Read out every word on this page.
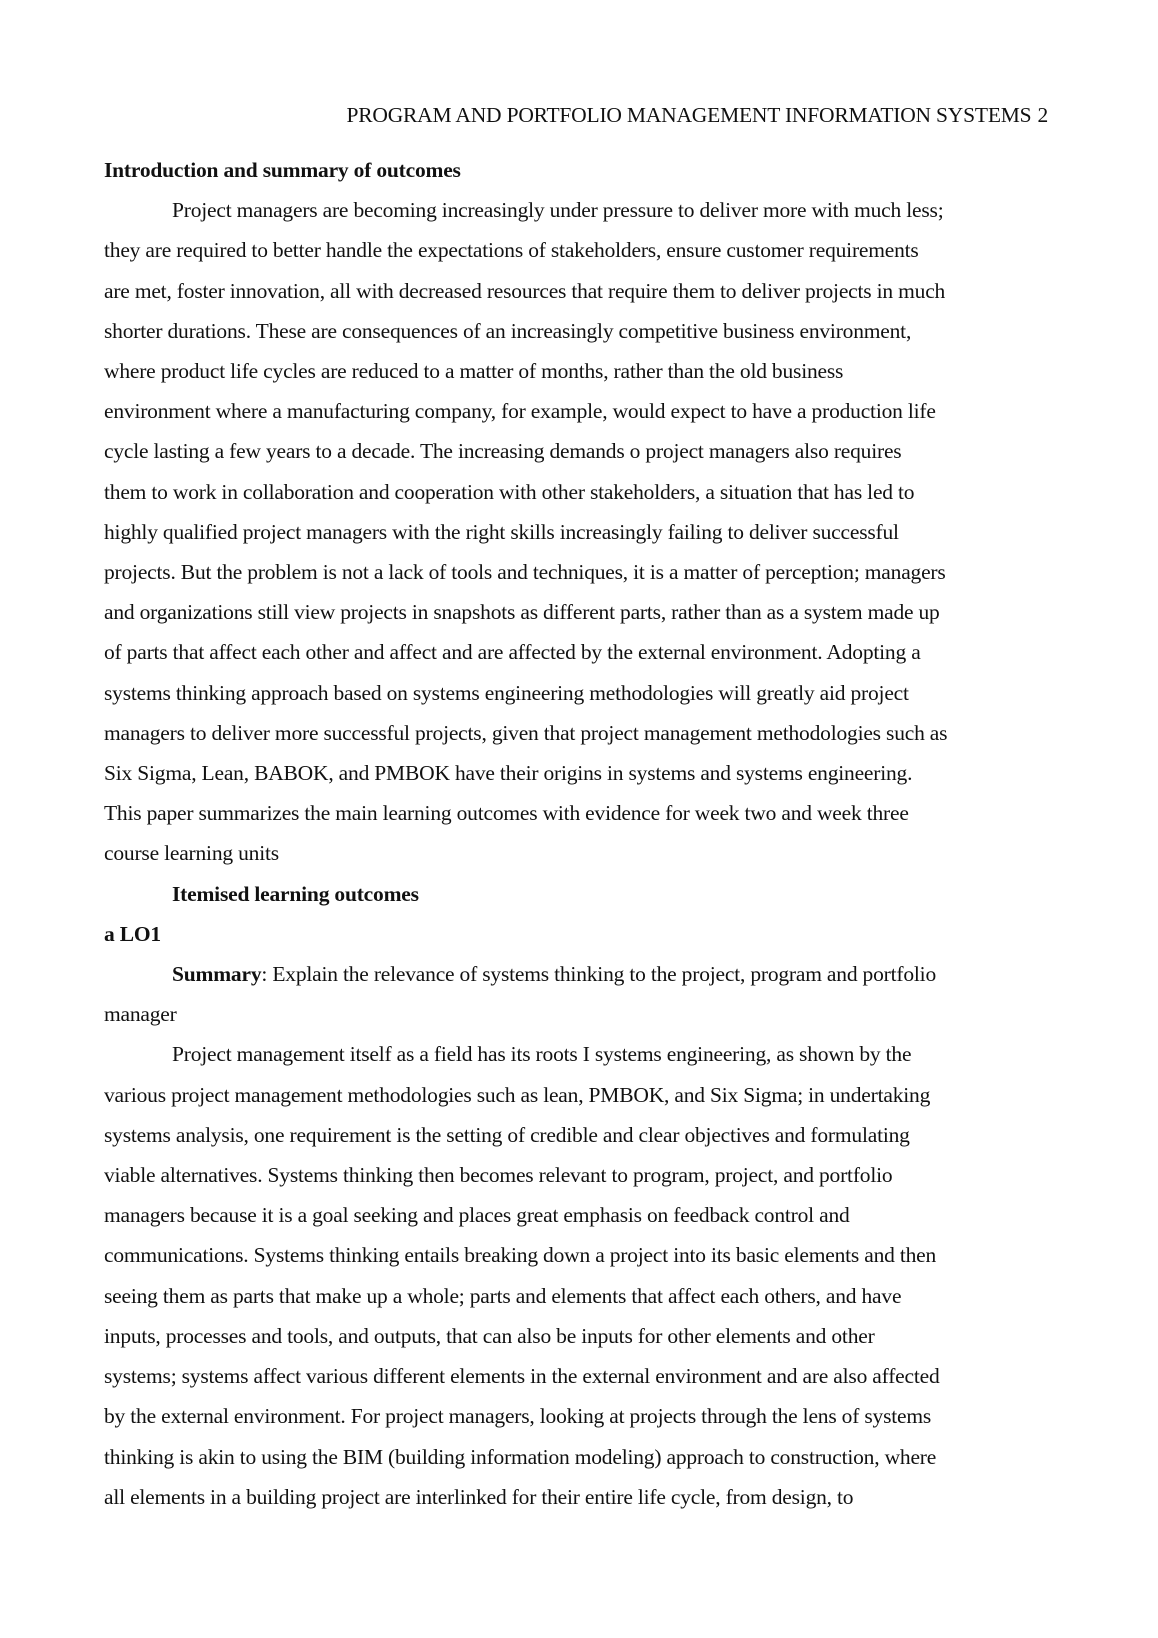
PROGRAM AND PORTFOLIO MANAGEMENT INFORMATION SYSTEMS 2
Introduction and summary of outcomes
Project managers are becoming increasingly under pressure to deliver more with much less;
they are required to better handle the expectations of stakeholders, ensure customer requirements
are met, foster innovation, all with decreased resources that require them to deliver projects in much
shorter durations. These are consequences of an increasingly competitive business environment,
where product life cycles are reduced to a matter of months, rather than the old business
environment where a manufacturing company, for example, would expect to have a production life
cycle lasting a few years to a decade. The increasing demands o project managers also requires
them to work in collaboration and cooperation with other stakeholders, a situation that has led to
highly qualified project managers with the right skills increasingly failing to deliver successful
projects. But the problem is not a lack of tools and techniques, it is a matter of perception; managers
and organizations still view projects in snapshots as different parts, rather than as a system made up
of parts that affect each other and affect and are affected by the external environment. Adopting a
systems thinking approach based on systems engineering methodologies will greatly aid project
managers to deliver more successful projects, given that project management methodologies such as
Six Sigma, Lean, BABOK, and PMBOK have their origins in systems and systems engineering.
This paper summarizes the main learning outcomes with evidence for week two and week three
course learning units
Itemised learning outcomes
a LO1
Summary: Explain the relevance of systems thinking to the project, program and portfolio
manager
Project management itself as a field has its roots I systems engineering, as shown by the
various project management methodologies such as lean, PMBOK, and Six Sigma; in undertaking
systems analysis, one requirement is the setting of credible and clear objectives and formulating
viable alternatives. Systems thinking then becomes relevant to program, project, and portfolio
managers because it is a goal seeking and places great emphasis on feedback control and
communications. Systems thinking entails breaking down a project into its basic elements and then
seeing them as parts that make up a whole; parts and elements that affect each others, and have
inputs, processes and tools, and outputs, that can also be inputs for other elements and other
systems; systems affect various different elements in the external environment and are also affected
by the external environment. For project managers, looking at projects through the lens of systems
thinking is akin to using the BIM (building information modeling) approach to construction, where
all elements in a building project are interlinked for their entire life cycle, from design, to
